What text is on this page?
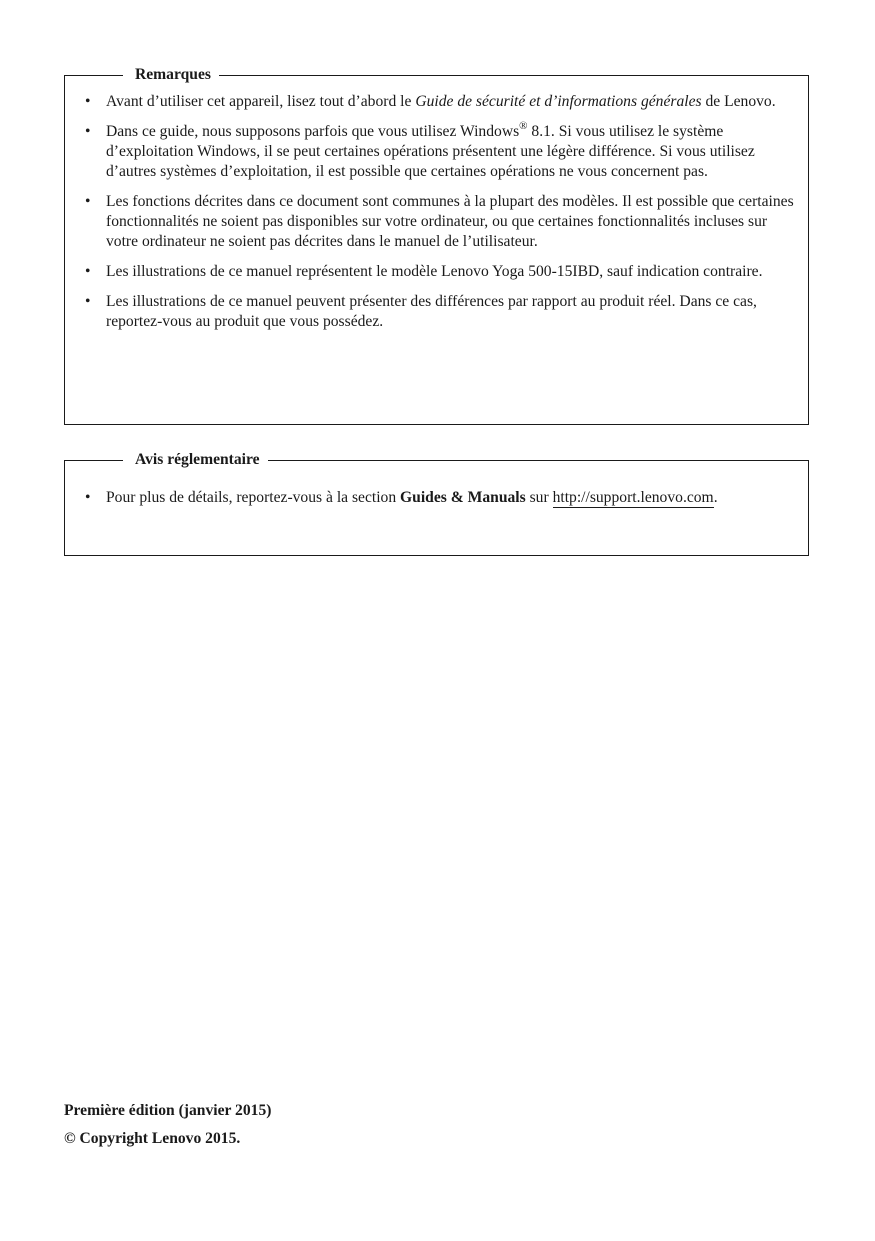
Remarques
• Avant d’utiliser cet appareil, lisez tout d’abord le Guide de sécurité et d’informations générales de Lenovo.
• Dans ce guide, nous supposons parfois que vous utilisez Windows® 8.1. Si vous utilisez le système d’exploitation Windows, il se peut certaines opérations présentent une légère différence. Si vous utilisez d’autres systèmes d’exploitation, il est possible que certaines opérations ne vous concernent pas.
• Les fonctions décrites dans ce document sont communes à la plupart des modèles. Il est possible que certaines fonctionnalités ne soient pas disponibles sur votre ordinateur, ou que certaines fonctionnalités incluses sur votre ordinateur ne soient pas décrites dans le manuel de l’utilisateur.
• Les illustrations de ce manuel représentent le modèle Lenovo Yoga 500-15IBD, sauf indication contraire.
• Les illustrations de ce manuel peuvent présenter des différences par rapport au produit réel. Dans ce cas, reportez-vous au produit que vous possédez.
Avis réglementaire
• Pour plus de détails, reportez-vous à la section Guides & Manuals sur http://support.lenovo.com.
Première édition (janvier 2015)
© Copyright Lenovo 2015.
